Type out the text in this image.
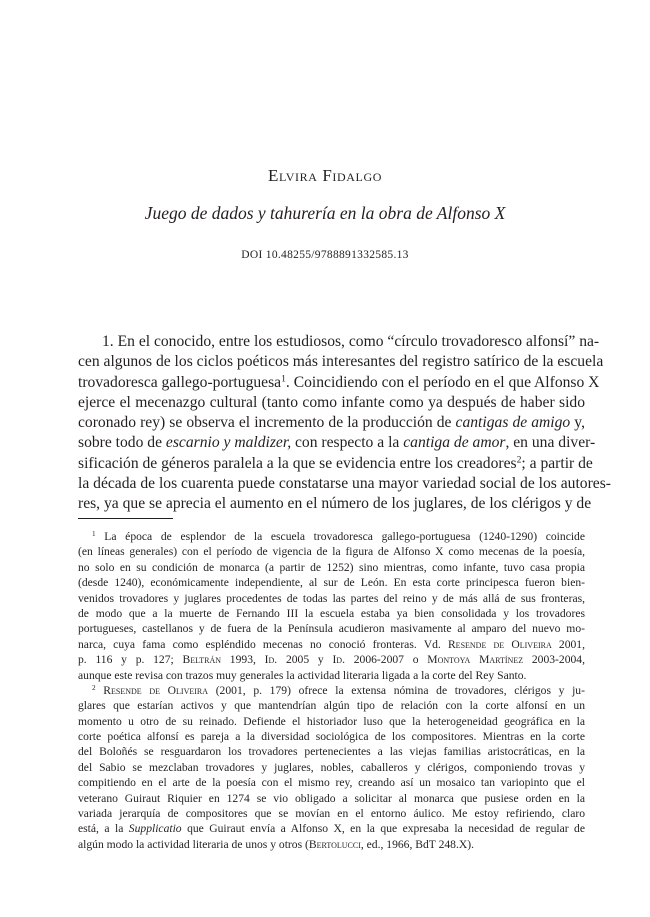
Elvira Fidalgo
Juego de dados y tahurería en la obra de Alfonso X
DOI 10.48255/9788891332585.13
1. En el conocido, entre los estudiosos, como “círculo trovadoresco alfonsí” na-
cen algunos de los ciclos poéticos más interesantes del registro satírico de la escuela
trovadoresca gallego-portuguesa$^1$. Coincidiendo con el período en el que Alfonso X
ejerce el mecenazgo cultural (tanto como infante como ya después de haber sido
coronado rey) se observa el incremento de la producción de cantigas de amigo y,
sobre todo de escarnio y maldizer, con respecto a la cantiga de amor, en una diver-
sificación de géneros paralela a la que se evidencia entre los creadores$^2$; a partir de
la década de los cuarenta puede constatarse una mayor variedad social de los autores-
res, ya que se aprecia el aumento en el número de los juglares, de los clérigos y de
$^1$ La época de esplendor de la escuela trovadoresca gallego-portuguesa (1240-1290) coincide
(en líneas generales) con el período de vigencia de la figura de Alfonso X como mecenas de la poesía,
no solo en su condición de monarca (a partir de 1252) sino mientras, como infante, tuvo casa propia
(desde 1240), económicamente independiente, al sur de León. En esta corte principesca fueron bien-
venidos trovadores y juglares procedentes de todas las partes del reino y de más allá de sus fronteras,
de modo que a la muerte de Fernando III la escuela estaba ya bien consolidada y los trovadores
portugueses, castellanos y de fuera de la Península acudieron masivamente al amparo del nuevo mo-
narca, cuya fama como espléndido mecenas no conoció fronteras. Vd. Resende de Oliveira 2001,
p. 116 y p. 127; Beltrán 1993, Id. 2005 y Id. 2006-2007 o Montoya Martínez 2003-2004,
aunque este revisa con trazos muy generales la actividad literaria ligada a la corte del Rey Santo.
$^2$ Resende de Oliveira (2001, p. 179) ofrece la extensa nómina de trovadores, clérigos y ju-
glares que estarían activos y que mantendrían algún tipo de relación con la corte alfonsí en un
momento u otro de su reinado. Defiende el historiador luso que la heterogeneidad geográfica en la
corte poética alfonsí es pareja a la diversidad sociológica de los compositores. Mientras en la corte
del Boloñés se resguardaron los trovadores pertenecientes a las viejas familias aristocráticas, en la
del Sabio se mezclaban trovadores y juglares, nobles, caballeros y clérigos, componiendo trovas y
compitiendo en el arte de la poesía con el mismo rey, creando así un mosaico tan variopinto que el
veterano Guiraut Riquier en 1274 se vio obligado a solicitar al monarca que pusiese orden en la
variada jerarquía de compositores que se movían en el entorno áulico. Me estoy refiriendo, claro
está, a la Supplicatio que Guiraut envía a Alfonso X, en la que expresaba la necesidad de regular de
algún modo la actividad literaria de unos y otros (Bertolucci, ed., 1966, BdT 248.X).
